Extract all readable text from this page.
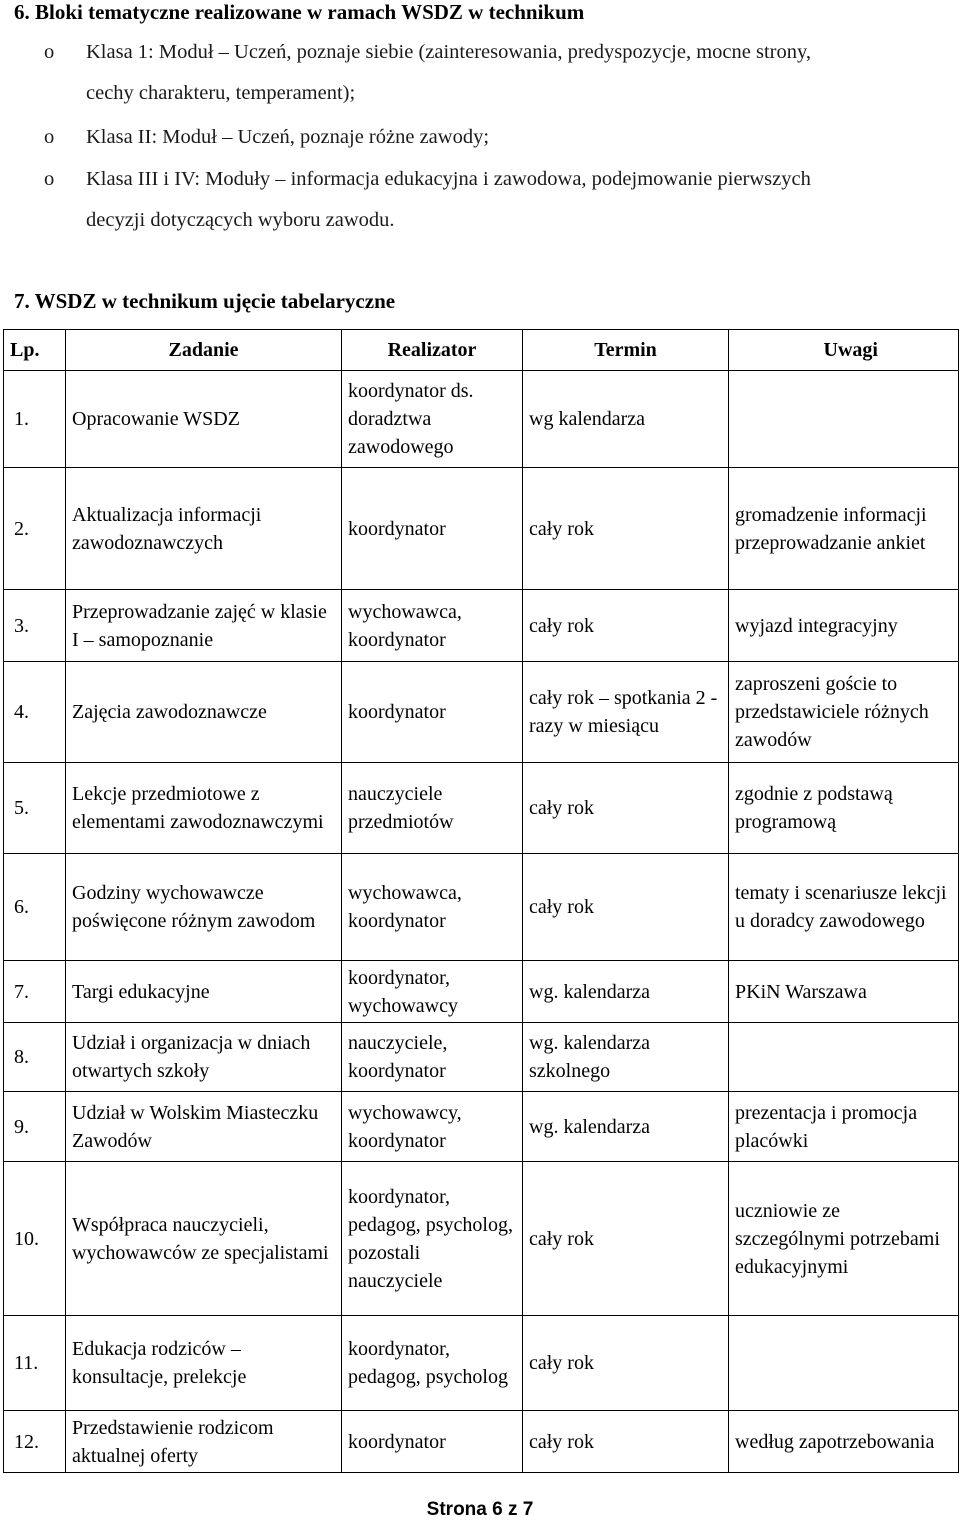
6. Bloki tematyczne realizowane w ramach WSDZ w technikum
o	Klasa 1: Moduł – Uczeń, poznaje siebie (zainteresowania, predyspozycje, mocne strony,
cechy charakteru, temperament);
o	Klasa II: Moduł – Uczeń, poznaje różne zawody;
o	Klasa III i IV: Moduły – informacja edukacyjna i zawodowa, podejmowanie pierwszych
decyzji dotyczących wyboru zawodu.
7. WSDZ w technikum ujęcie tabelaryczne
Lp.	Zadanie	Realizator	Termin	Uwagi
1.	Opracowanie WSDZ	koordynator ds. doradztwa zawodowego	wg kalendarza	
2.	Aktualizacja informacji zawodoznawczych	koordynator	cały rok	gromadzenie informacji przeprowadzanie ankiet
3.	Przeprowadzanie zajęć w klasie I – samopoznanie	wychowawca, koordynator	cały rok	wyjazd integracyjny
4.	Zajęcia zawodoznawcze	koordynator	cały rok – spotkania 2 -razy w miesiącu	zaproszeni goście to przedstawiciele różnych zawodów
5.	Lekcje przedmiotowe z elementami zawodoznawczymi	nauczyciele przedmiotów	cały rok	zgodnie z podstawą programową
6.	Godziny wychowawcze poświęcone różnym zawodom	wychowawca, koordynator	cały rok	tematy i scenariusze lekcji u doradcy zawodowego
7.	Targi edukacyjne	koordynator, wychowawcy	wg. kalendarza	PKiN Warszawa
8.	Udział i organizacja w dniach otwartych szkoły	nauczyciele, koordynator	wg. kalendarza szkolnego	
9.	Udział w Wolskim Miasteczku Zawodów	wychowawcy, koordynator	wg. kalendarza	prezentacja i promocja placówki
10.	Współpraca nauczycieli, wychowawców ze specjalistami	koordynator, pedagog, psycholog, pozostali nauczyciele	cały rok	uczniowie ze szczególnymi potrzebami edukacyjnymi
11.	Edukacja rodziców – konsultacje, prelekcje	koordynator, pedagog, psycholog	cały rok	
12.	Przedstawienie rodzicom aktualnej oferty	koordynator	cały rok	według zapotrzebowania
Strona 6 z 7
